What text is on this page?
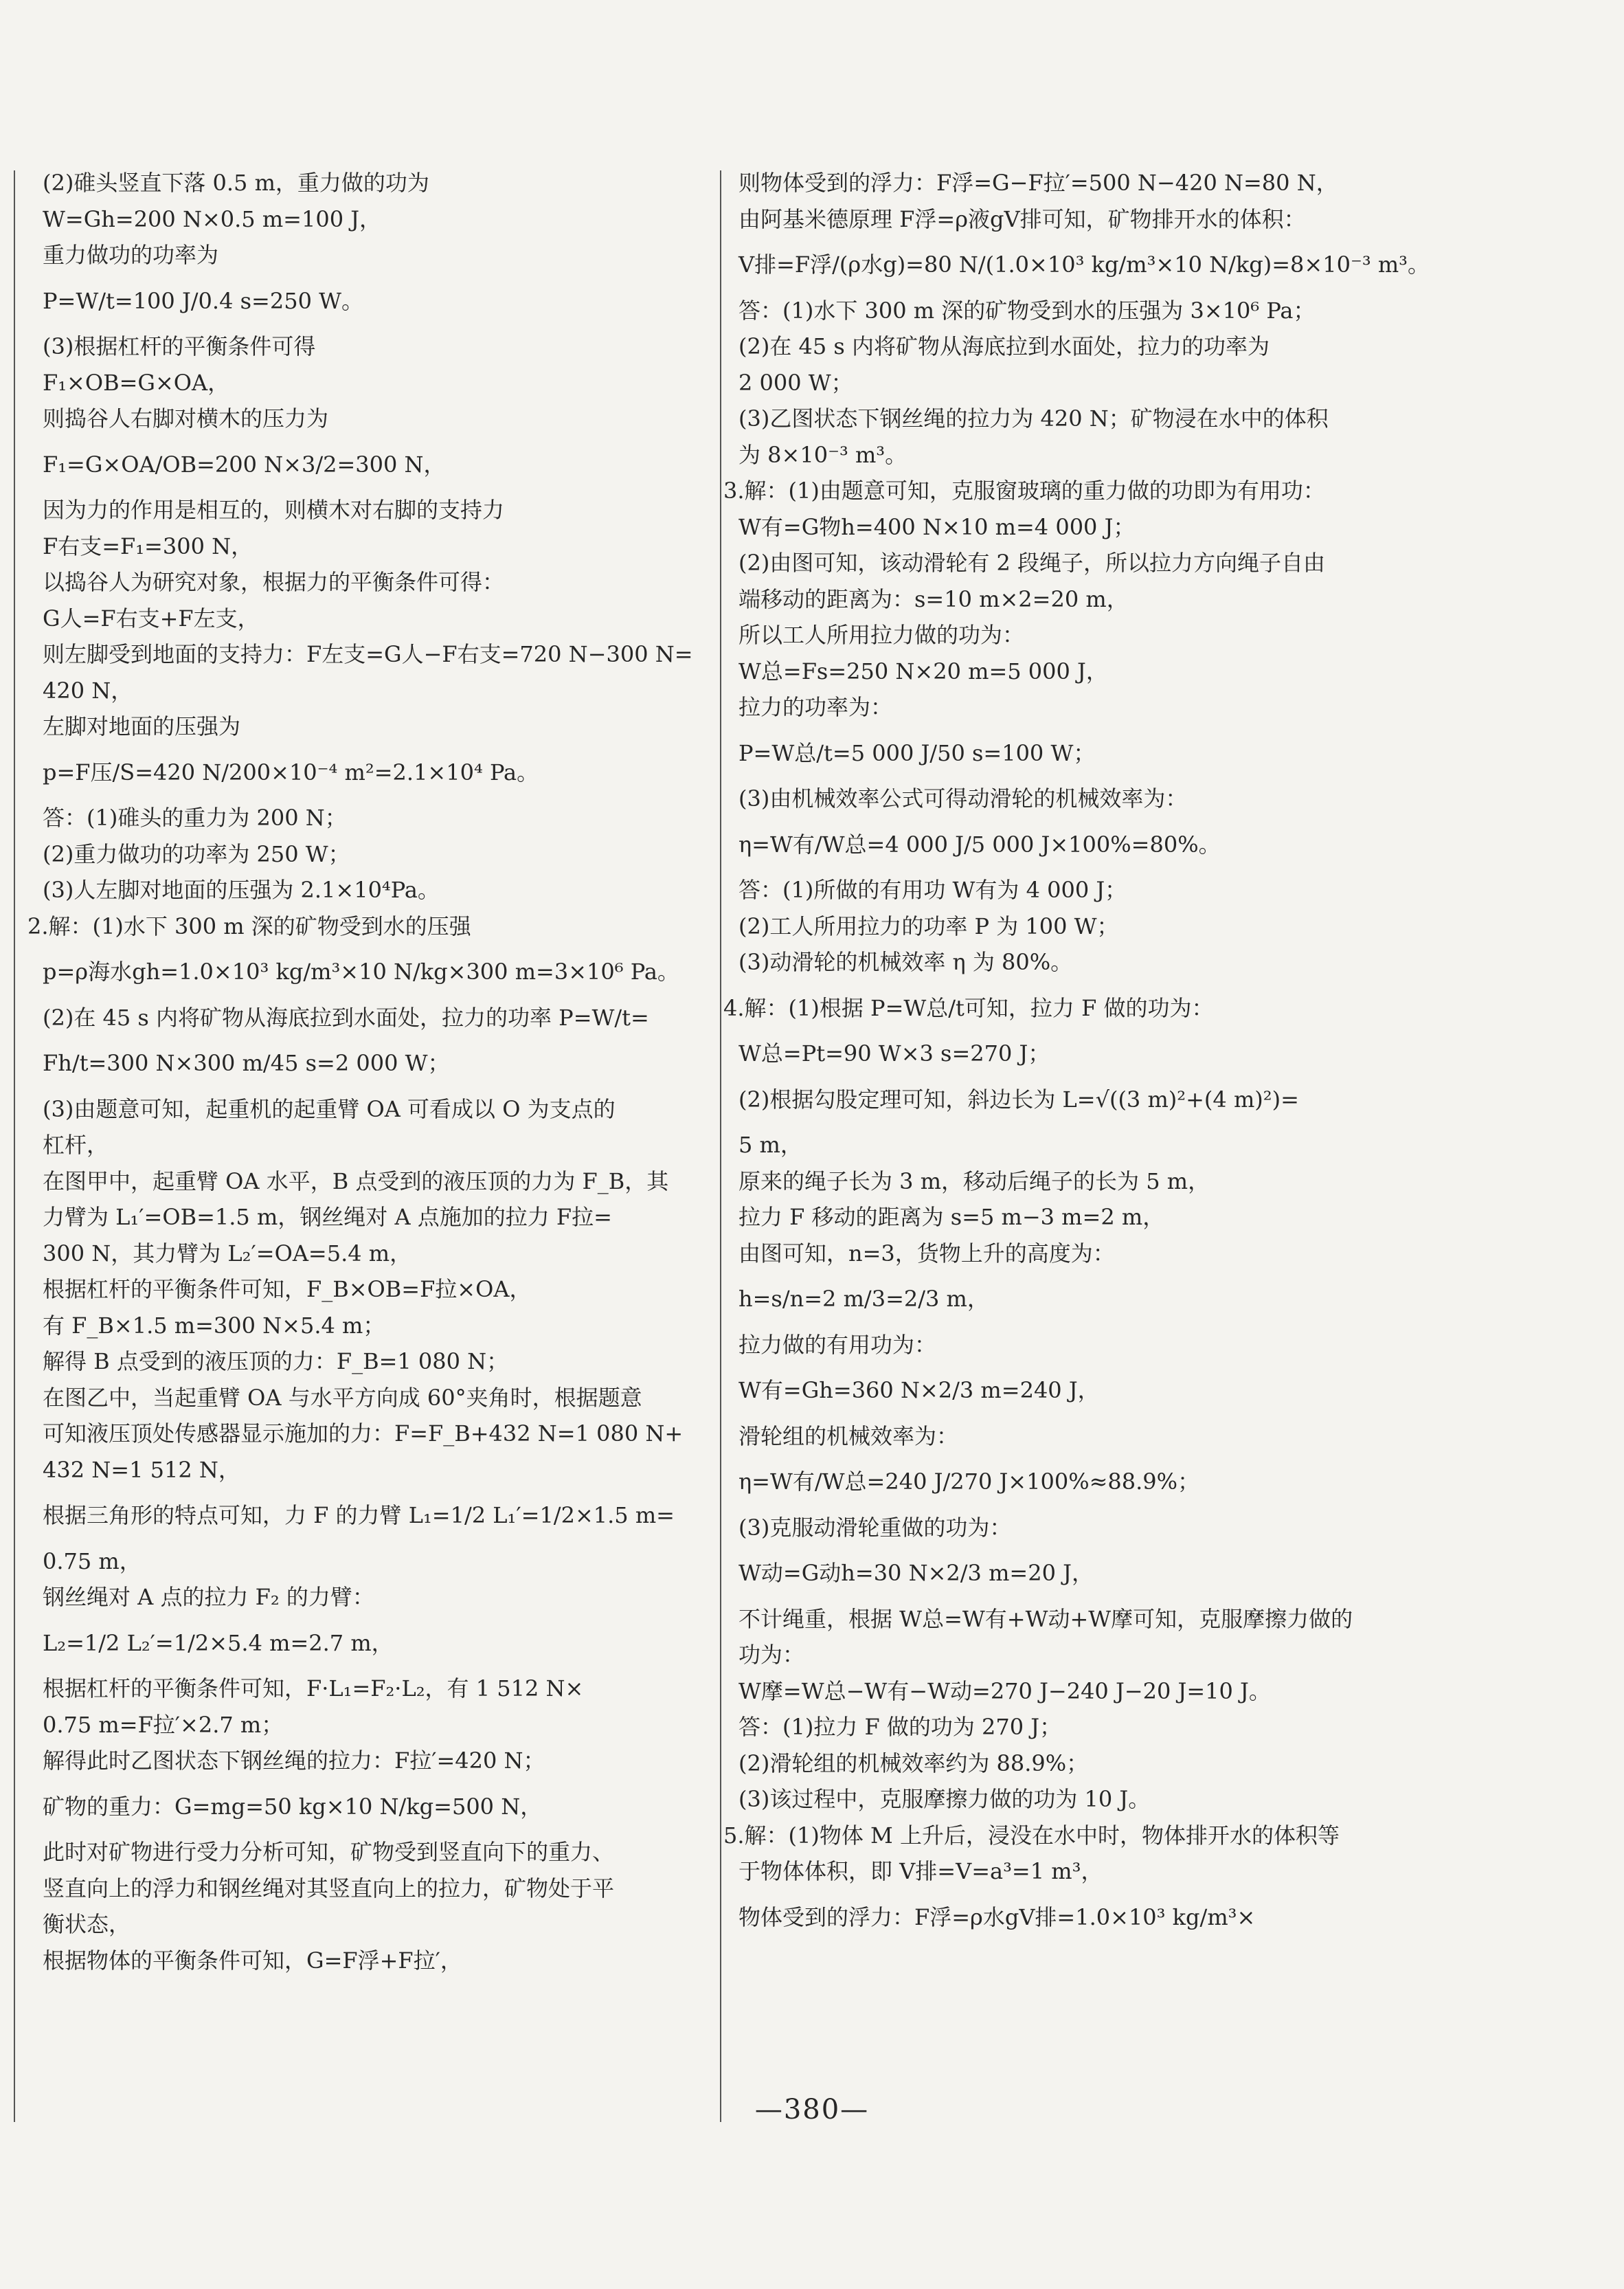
(2)碓头竖直下落 0.5 m，重力做的功为
W=Gh=200 N×0.5 m=100 J，
重力做功的功率为
P=W/t=100 J/0.4 s=250 W。
(3)根据杠杆的平衡条件可得
F₁×OB=G×OA，
则捣谷人右脚对横木的压力为
F₁=G×OA/OB=200 N×3/2=300 N，
因为力的作用是相互的，则横木对右脚的支持力
F右支=F₁=300 N，
以捣谷人为研究对象，根据力的平衡条件可得：
G人=F右支+F左支，
则左脚受到地面的支持力：F左支=G人−F右支=720 N−300 N=
420 N，
左脚对地面的压强为
p=F压/S=420 N/200×10⁻⁴ m²=2.1×10⁴ Pa。
答：(1)碓头的重力为 200 N；
(2)重力做功的功率为 250 W；
(3)人左脚对地面的压强为 2.1×10⁴Pa。
2.解：(1)水下 300 m 深的矿物受到水的压强
p=ρ海水gh=1.0×10³ kg/m³×10 N/kg×300 m=3×10⁶ Pa。
(2)在 45 s 内将矿物从海底拉到水面处，拉力的功率 P=W/t=
Fh/t=300 N×300 m/45 s=2 000 W；
(3)由题意可知，起重机的起重臂 OA 可看成以 O 为支点的
杠杆，
在图甲中，起重臂 OA 水平，B 点受到的液压顶的力为 F_B，其
力臂为 L₁′=OB=1.5 m，钢丝绳对 A 点施加的拉力 F拉=
300 N，其力臂为 L₂′=OA=5.4 m，
根据杠杆的平衡条件可知，F_B×OB=F拉×OA，
有 F_B×1.5 m=300 N×5.4 m；
解得 B 点受到的液压顶的力：F_B=1 080 N；
在图乙中，当起重臂 OA 与水平方向成 60°夹角时，根据题意
可知液压顶处传感器显示施加的力：F=F_B+432 N=1 080 N+
432 N=1 512 N，
根据三角形的特点可知，力 F 的力臂 L₁=1/2 L₁′=1/2×1.5 m=
0.75 m，
钢丝绳对 A 点的拉力 F₂ 的力臂：
L₂=1/2 L₂′=1/2×5.4 m=2.7 m，
根据杠杆的平衡条件可知，F·L₁=F₂·L₂，有 1 512 N×
0.75 m=F拉′×2.7 m；
解得此时乙图状态下钢丝绳的拉力：F拉′=420 N；
矿物的重力：G=mg=50 kg×10 N/kg=500 N，
此时对矿物进行受力分析可知，矿物受到竖直向下的重力、
竖直向上的浮力和钢丝绳对其竖直向上的拉力，矿物处于平
衡状态，
根据物体的平衡条件可知，G=F浮+F拉′，
则物体受到的浮力：F浮=G−F拉′=500 N−420 N=80 N，
由阿基米德原理 F浮=ρ液gV排可知，矿物排开水的体积：
V排=F浮/(ρ水g)=80 N/(1.0×10³ kg/m³×10 N/kg)=8×10⁻³ m³。
答：(1)水下 300 m 深的矿物受到水的压强为 3×10⁶ Pa；
(2)在 45 s 内将矿物从海底拉到水面处，拉力的功率为
2 000 W；
(3)乙图状态下钢丝绳的拉力为 420 N；矿物浸在水中的体积
为 8×10⁻³ m³。
3.解：(1)由题意可知，克服窗玻璃的重力做的功即为有用功：
W有=G物h=400 N×10 m=4 000 J；
(2)由图可知，该动滑轮有 2 段绳子，所以拉力方向绳子自由
端移动的距离为：s=10 m×2=20 m，
所以工人所用拉力做的功为：
W总=Fs=250 N×20 m=5 000 J，
拉力的功率为：
P=W总/t=5 000 J/50 s=100 W；
(3)由机械效率公式可得动滑轮的机械效率为：
η=W有/W总=4 000 J/5 000 J×100%=80%。
答：(1)所做的有用功 W有为 4 000 J；
(2)工人所用拉力的功率 P 为 100 W；
(3)动滑轮的机械效率 η 为 80%。
4.解：(1)根据 P=W总/t可知，拉力 F 做的功为：
W总=Pt=90 W×3 s=270 J；
(2)根据勾股定理可知，斜边长为 L=√((3 m)²+(4 m)²)=
5 m，
原来的绳子长为 3 m，移动后绳子的长为 5 m，
拉力 F 移动的距离为 s=5 m−3 m=2 m，
由图可知，n=3，货物上升的高度为：
h=s/n=2 m/3=2/3 m，
拉力做的有用功为：
W有=Gh=360 N×2/3 m=240 J，
滑轮组的机械效率为：
η=W有/W总=240 J/270 J×100%≈88.9%；
(3)克服动滑轮重做的功为：
W动=G动h=30 N×2/3 m=20 J，
不计绳重，根据 W总=W有+W动+W摩可知，克服摩擦力做的
功为：
W摩=W总−W有−W动=270 J−240 J−20 J=10 J。
答：(1)拉力 F 做的功为 270 J；
(2)滑轮组的机械效率约为 88.9%；
(3)该过程中，克服摩擦力做的功为 10 J。
5.解：(1)物体 M 上升后，浸没在水中时，物体排开水的体积等
于物体体积，即 V排=V=a³=1 m³，
物体受到的浮力：F浮=ρ水gV排=1.0×10³ kg/m³×
—380—
